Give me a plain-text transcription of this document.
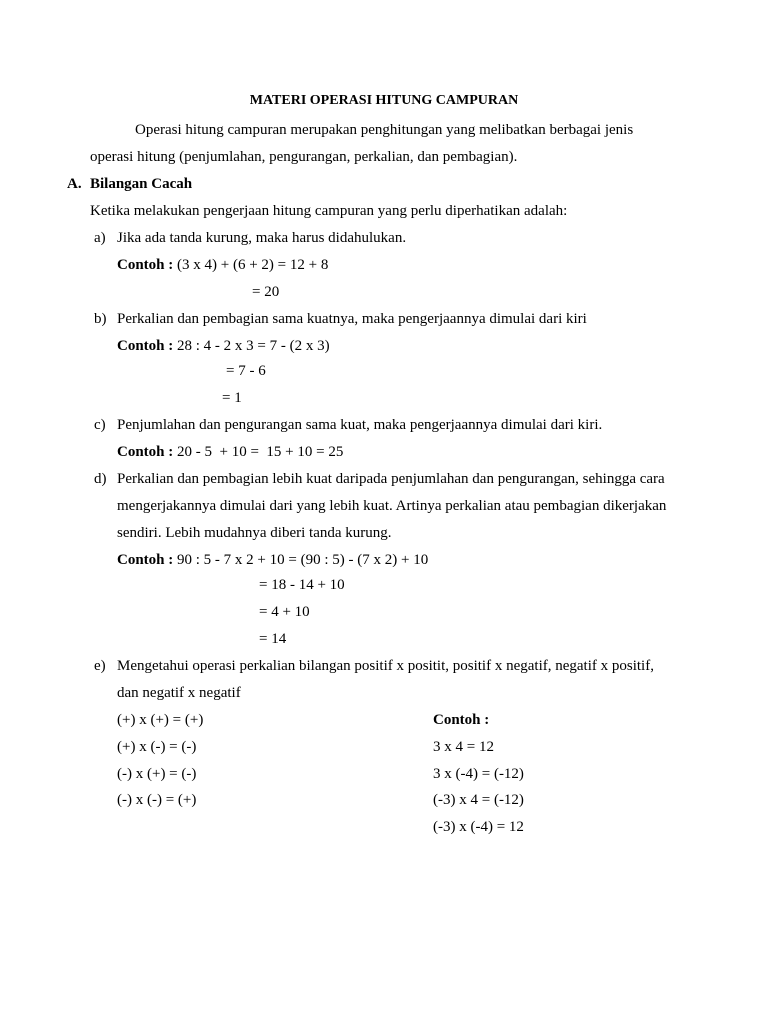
MATERI OPERASI HITUNG CAMPURAN
Operasi hitung campuran merupakan penghitungan yang melibatkan berbagai jenis
operasi hitung (penjumlahan, pengurangan, perkalian, dan pembagian).
A. Bilangan Cacah
Ketika melakukan pengerjaan hitung campuran yang perlu diperhatikan adalah:
a) Jika ada tanda kurung, maka harus didahulukan.
Contoh : (3 x 4) + (6 + 2) = 12 + 8
= 20
b) Perkalian dan pembagian sama kuatnya, maka pengerjaannya dimulai dari kiri
Contoh : 28 : 4 - 2 x 3 = 7 - (2 x 3)
= 7 - 6
= 1
c) Penjumlahan dan pengurangan sama kuat, maka pengerjaannya dimulai dari kiri.
Contoh : 20 - 5  + 10 =  15 + 10 = 25
d) Perkalian dan pembagian lebih kuat daripada penjumlahan dan pengurangan, sehingga cara
mengerjakannya dimulai dari yang lebih kuat. Artinya perkalian atau pembagian dikerjakan
sendiri. Lebih mudahnya diberi tanda kurung.
Contoh : 90 : 5 - 7 x 2 + 10 = (90 : 5) - (7 x 2) + 10
= 18 - 14 + 10
= 4 + 10
= 14
e) Mengetahui operasi perkalian bilangan positif x positit, positif x negatif, negatif x positif,
dan negatif x negatif
(+) x (+) = (+)
(+) x (-) = (-)
(-) x (+) = (-)
(-) x (-) = (+)
Contoh :
3 x 4 = 12
3 x (-4) = (-12)
(-3) x 4 = (-12)
(-3) x (-4) = 12
